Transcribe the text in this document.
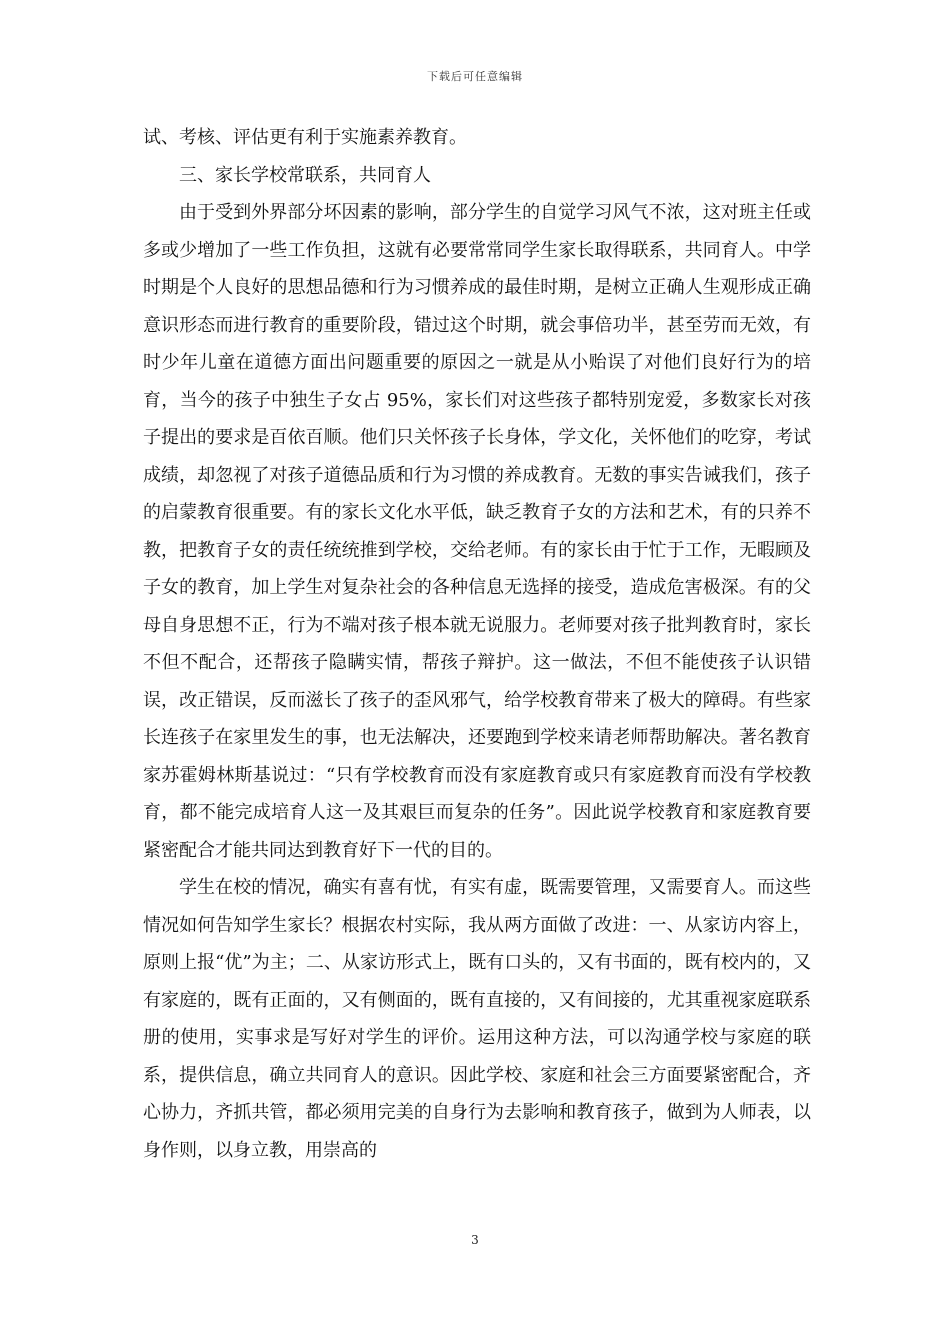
下载后可任意编辑

试、考核、评估更有利于实施素养教育。

三、家长学校常联系，共同育人

由于受到外界部分坏因素的影响，部分学生的自觉学习风气不浓，这对班主任或多或少增加了一些工作负担，这就有必要常常同学生家长取得联系，共同育人。中学时期是个人良好的思想品德和行为习惯养成的最佳时期，是树立正确人生观形成正确意识形态而进行教育的重要阶段，错过这个时期，就会事倍功半，甚至劳而无效，有时少年儿童在道德方面出问题重要的原因之一就是从小贻误了对他们良好行为的培育，当今的孩子中独生子女占 95%，家长们对这些孩子都特别宠爱，多数家长对孩子提出的要求是百依百顺。他们只关怀孩子长身体，学文化，关怀他们的吃穿，考试成绩，却忽视了对孩子道德品质和行为习惯的养成教育。无数的事实告诫我们，孩子的启蒙教育很重要。有的家长文化水平低，缺乏教育子女的方法和艺术，有的只养不教，把教育子女的责任统统推到学校，交给老师。有的家长由于忙于工作，无暇顾及子女的教育，加上学生对复杂社会的各种信息无选择的接受，造成危害极深。有的父母自身思想不正，行为不端对孩子根本就无说服力。老师要对孩子批判教育时，家长不但不配合，还帮孩子隐瞒实情，帮孩子辩护。这一做法，不但不能使孩子认识错误，改正错误，反而滋长了孩子的歪风邪气，给学校教育带来了极大的障碍。有些家长连孩子在家里发生的事，也无法解决，还要跑到学校来请老师帮助解决。著名教育家苏霍姆林斯基说过：“只有学校教育而没有家庭教育或只有家庭教育而没有学校教育，都不能完成培育人这一及其艰巨而复杂的任务”。因此说学校教育和家庭教育要紧密配合才能共同达到教育好下一代的目的。

学生在校的情况，确实有喜有忧，有实有虚，既需要管理，又需要育人。而这些情况如何告知学生家长？根据农村实际，我从两方面做了改进：一、从家访内容上，原则上报“优”为主；二、从家访形式上，既有口头的，又有书面的，既有校内的，又有家庭的，既有正面的，又有侧面的，既有直接的，又有间接的，尤其重视家庭联系册的使用，实事求是写好对学生的评价。运用这种方法，可以沟通学校与家庭的联系，提供信息，确立共同育人的意识。因此学校、家庭和社会三方面要紧密配合，齐心协力，齐抓共管，都必须用完美的自身行为去影响和教育孩子，做到为人师表，以身作则，以身立教，用崇高的

3
